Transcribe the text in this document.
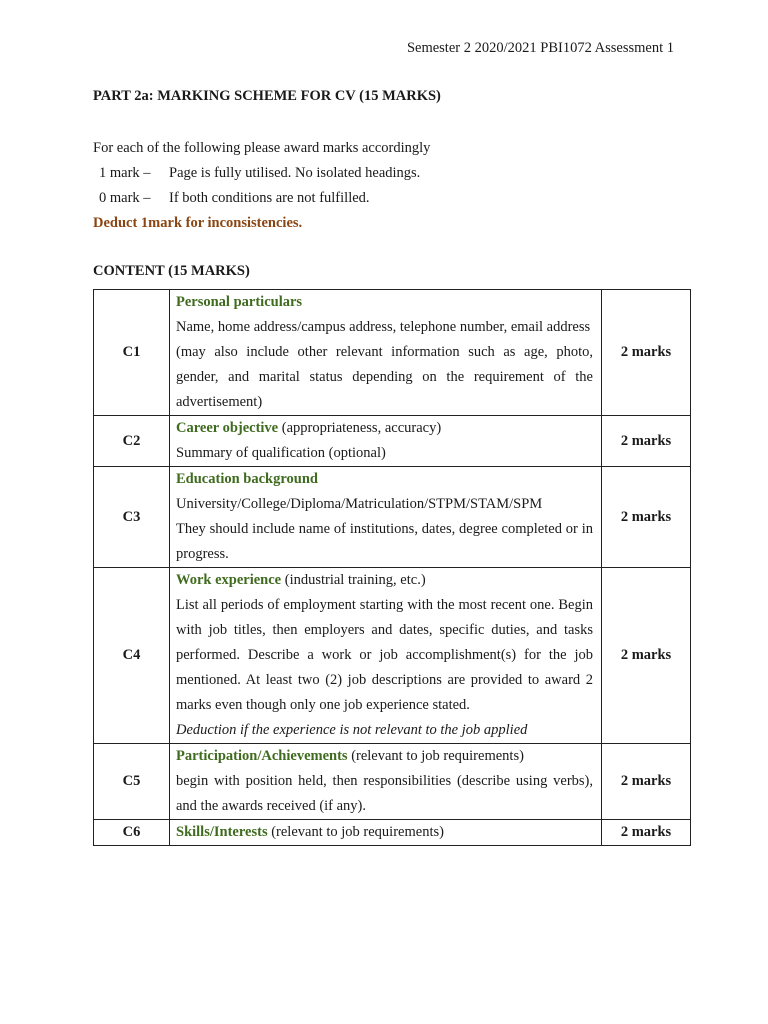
Semester 2 2020/2021 PBI1072 Assessment 1
PART 2a: MARKING SCHEME FOR CV (15 MARKS)
For each of the following please award marks accordingly
1 mark –	Page is fully utilised. No isolated headings.
0 mark –	If both conditions are not fulfilled.
Deduct 1mark for inconsistencies.
CONTENT (15 MARKS)
C1	Personal particulars
Name, home address/campus address, telephone number, email address
(may also include other relevant information such as age, photo, gender, and marital status depending on the requirement of the advertisement)	2 marks
C2	Career objective (appropriateness, accuracy)
Summary of qualification (optional)	2 marks
C3	Education background
University/College/Diploma/Matriculation/STPM/STAM/SPM
They should include name of institutions, dates, degree completed or in progress.	2 marks
C4	Work experience (industrial training, etc.)
List all periods of employment starting with the most recent one. Begin with job titles, then employers and dates, specific duties, and tasks performed. Describe a work or job accomplishment(s) for the job mentioned. At least two (2) job descriptions are provided to award 2 marks even though only one job experience stated.
Deduction if the experience is not relevant to the job applied	2 marks
C5	Participation/Achievements (relevant to job requirements)
begin with position held, then responsibilities (describe using verbs), and the awards received (if any).	2 marks
C6	Skills/Interests (relevant to job requirements)	2 marks
